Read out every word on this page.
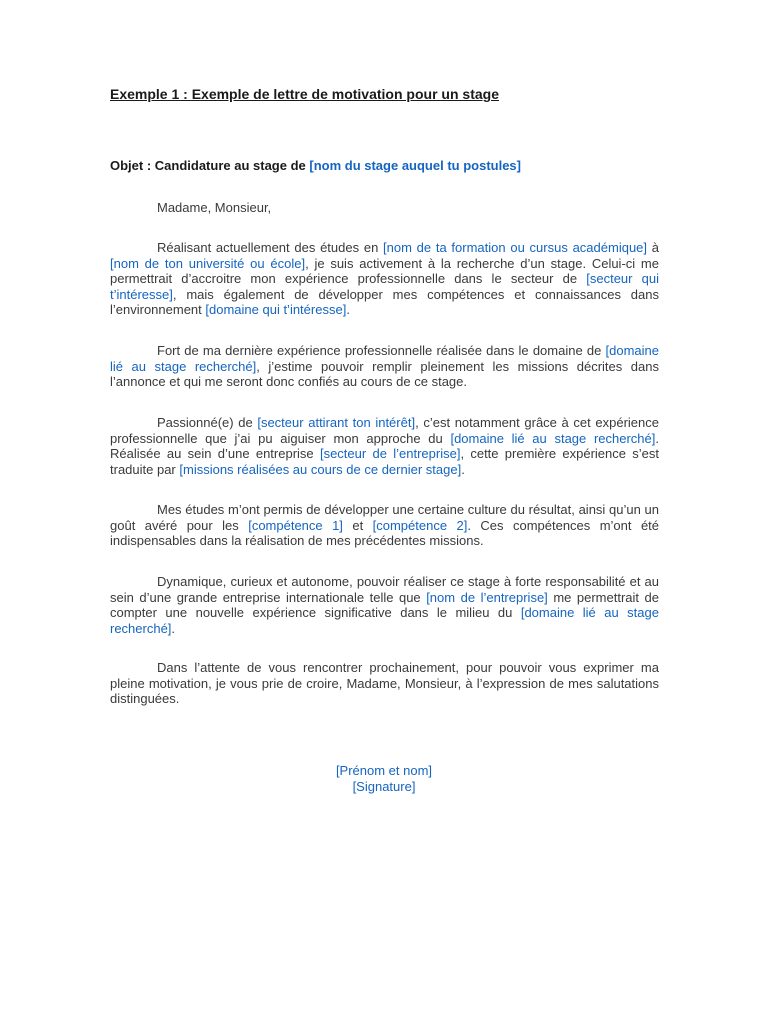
Exemple 1 : Exemple de lettre de motivation pour un stage
Objet : Candidature au stage de [nom du stage auquel tu postules]
Madame, Monsieur,

Réalisant actuellement des études en [nom de ta formation ou cursus académique] à [nom de ton université ou école], je suis activement à la recherche d’un stage. Celui-ci me permettrait d’accroitre mon expérience professionnelle dans le secteur de [secteur qui t’intéresse], mais également de développer mes compétences et connaissances dans l’environnement [domaine qui t’intéresse].

Fort de ma dernière expérience professionnelle réalisée dans le domaine de [domaine lié au stage recherché], j’estime pouvoir remplir pleinement les missions décrites dans l’annonce et qui me seront donc confiés au cours de ce stage.

Passionné(e) de [secteur attirant ton intérêt], c’est notamment grâce à cet expérience professionnelle que j’ai pu aiguiser mon approche du [domaine lié au stage recherché]. Réalisée au sein d’une entreprise [secteur de l’entreprise], cette première expérience s’est traduite par [missions réalisées au cours de ce dernier stage].

Mes études m’ont permis de développer une certaine culture du résultat, ainsi qu’un un goût avéré pour les [compétence 1] et [compétence 2]. Ces compétences m’ont été indispensables dans la réalisation de mes précédentes missions.

Dynamique, curieux et autonome, pouvoir réaliser ce stage à forte responsabilité et au sein d’une grande entreprise internationale telle que [nom de l’entreprise] me permettrait de compter une nouvelle expérience significative dans le milieu du [domaine lié au stage recherché].

Dans l’attente de vous rencontrer prochainement, pour pouvoir vous exprimer ma pleine motivation, je vous prie de croire, Madame, Monsieur, à l’expression de mes salutations distinguées.

[Prénom et nom]
[Signature]
